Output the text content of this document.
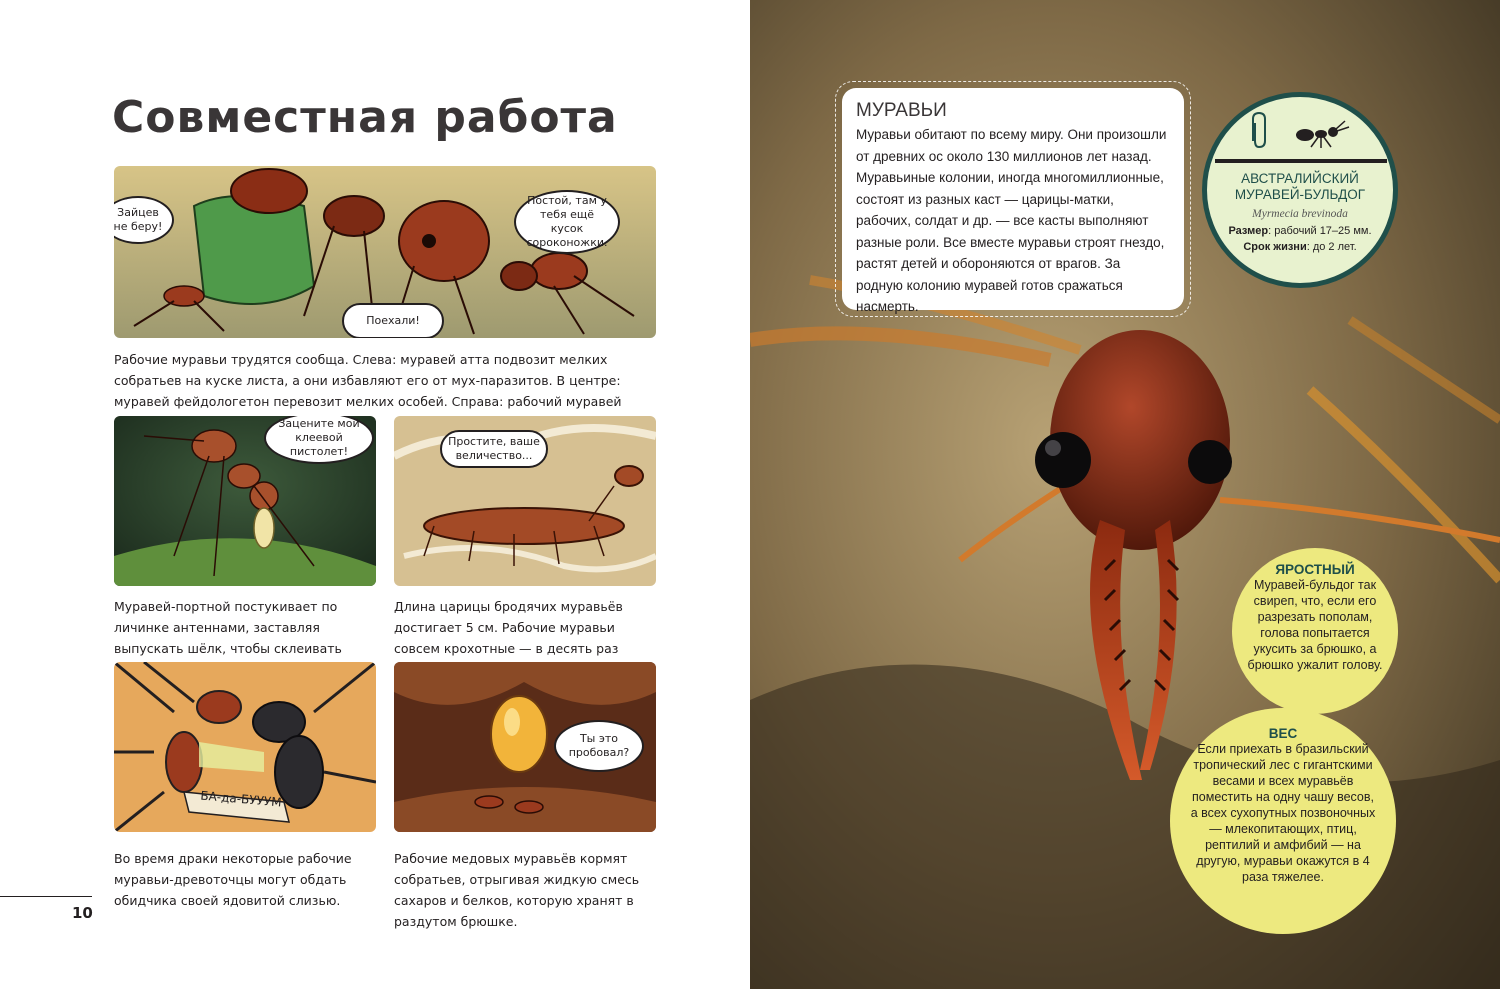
Совместная работа
Зайцев не беру!
Постой, там у тебя ещё кусок сороконожки.
Поехали!
Рабочие муравьи трудятся сообща. Слева: муравей атта подвозит мелких собратьев на куске листа, а они избавляют его от мух-паразитов. В центре: муравей фейдологетон перевозит мелких особей. Справа: рабочий муравей
Зацените мой клеевой пистолет!
Муравей-портной постукивает по личинке антеннами, заставляя выпускать шёлк, чтобы склеивать
Простите, ваше величество...
Длина царицы бродячих муравьёв достигает 5 см. Рабочие муравьи совсем крохотные — в десять раз
БА-да-БУУУМ
Во время драки некоторые рабочие муравьи-древоточцы могут обдать обидчика своей ядовитой слизью.
Ты это пробовал?
Рабочие медовых муравьёв кормят собратьев, отрыгивая жидкую смесь сахаров и белков, которую хранят в раздутом брюшке.
10
МУРАВЬИ
Муравьи обитают по всему миру. Они произошли от древних ос около 130 миллионов лет назад. Муравьиные колонии, иногда многомиллионные, состоят из разных каст — царицы-матки, рабочих, солдат и др. — все касты выполняют разные роли. Все вместе муравьи строят гнездо, растят детей и обороняются от врагов. За родную колонию муравей готов сражаться насмерть.
АВСТРАЛИЙСКИЙ МУРАВЕЙ-БУЛЬДОГ
Myrmecia brevinoda
Размер: рабочий 17–25 мм.
Срок жизни: до 2 лет.
ЯРОСТНЫЙ
Муравей-бульдог так свиреп, что, если его разрезать пополам, голова попытается укусить за брюшко, а брюшко ужалит голову.
ВЕС
Если приехать в бразильский тропический лес с гигантскими весами и всех муравьёв поместить на одну чашу весов, а всех сухопутных позвоночных — млекопитающих, птиц, рептилий и амфибий — на другую, муравьи окажутся в 4 раза тяжелее.
